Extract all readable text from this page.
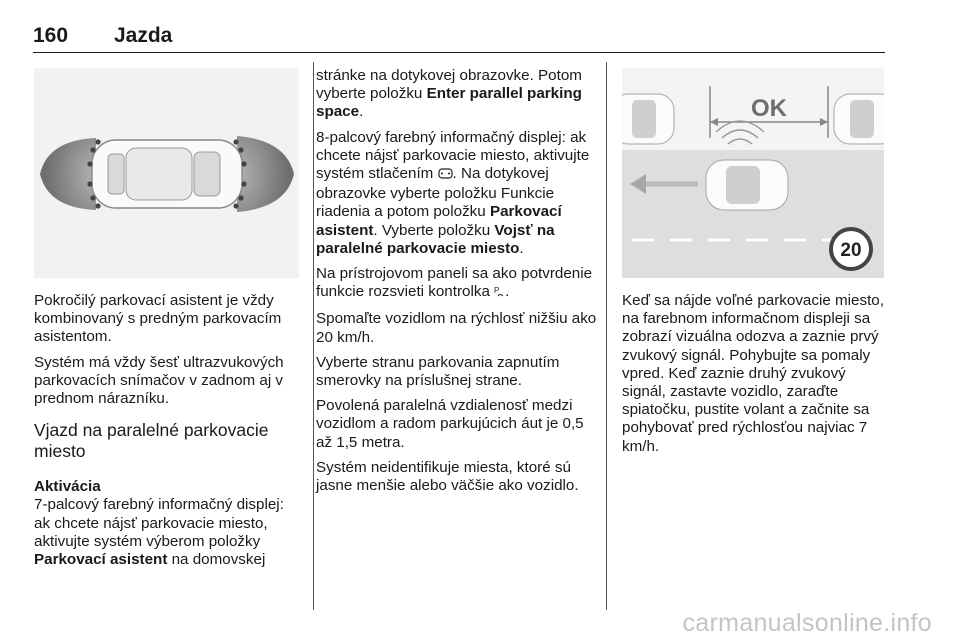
160 Jazda

Pokročilý parkovací asistent je vždy kombinovaný s predným parkovacím asistentom.

Systém má vždy šesť ultrazvukových parkovacích snímačov v zadnom aj v prednom nárazníku.

Vjazd na paralelné parkovacie miesto
Aktivácia

7-palcový farebný informačný displej: ak chcete nájsť parkovacie miesto, aktivujte systém výberom položky Parkovací asistent na domovskej

stránke na dotykovej obrazovke. Potom vyberte položku Enter parallel parking space.

8-palcový farebný informačný displej: ak chcete nájsť parkovacie miesto, aktivujte systém stlačením . Na dotykovej obrazovke vyberte položku Funkcie riadenia a potom položku Parkovací asistent. Vyberte položku Vojsť na paralelné parkovacie miesto.

Na prístrojovom paneli sa ako potvrdenie funkcie rozsvieti kontrolka P .

Spomaľte vozidlom na rýchlosť nižšiu ako 20 km/h.

Vyberte stranu parkovania zapnutím smerovky na príslušnej strane.

Povolená paralelná vzdialenosť medzi vozidlom a radom parkujúcich áut je 0,5 až 1,5 metra.

Systém neidentifikuje miesta, ktoré sú jasne menšie alebo väčšie ako vozidlo.

OK
20

Keď sa nájde voľné parkovacie miesto, na farebnom informačnom displeji sa zobrazí vizuálna odozva a zaznie prvý zvukový signál. Pohybujte sa pomaly vpred. Keď zaznie druhý zvukový signál, zastavte vozidlo, zaraďte spiatočku, pustite volant a začnite sa pohybovať pred rýchlosťou najviac 7 km/h.

carmanualsonline.info
